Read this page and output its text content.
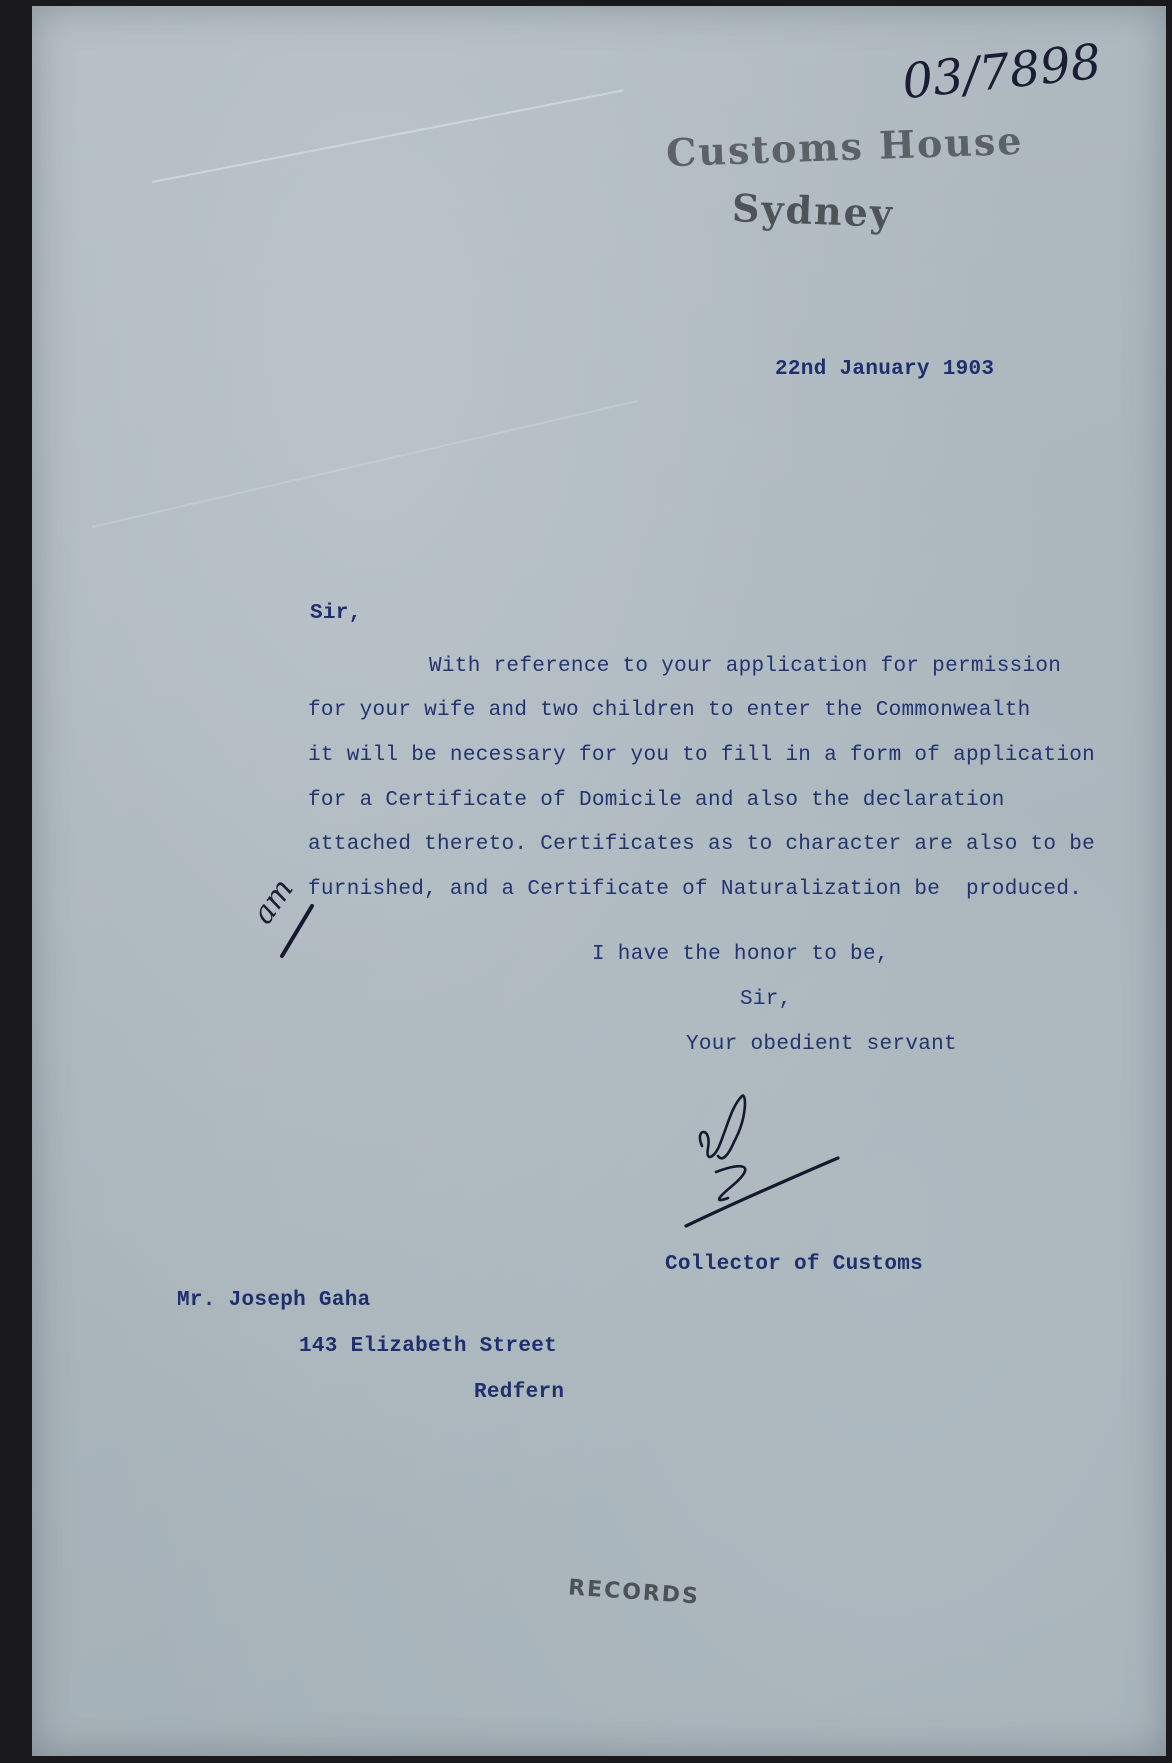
03/7898
Customs House
Sydney
22nd January 1903
Sir,
With reference to your application for permission
for your wife and two children to enter the Commonwealth
it will be necessary for you to fill in a form of application
for a Certificate of Domicile and also the declaration
attached thereto. Certificates as to character are also to be
furnished, and a Certificate of Naturalization be  produced.
am
I have the honor to be,
Sir,
Your obedient servant
Collector of Customs
Mr. Joseph Gaha
143 Elizabeth Street
Redfern
RECORDS
